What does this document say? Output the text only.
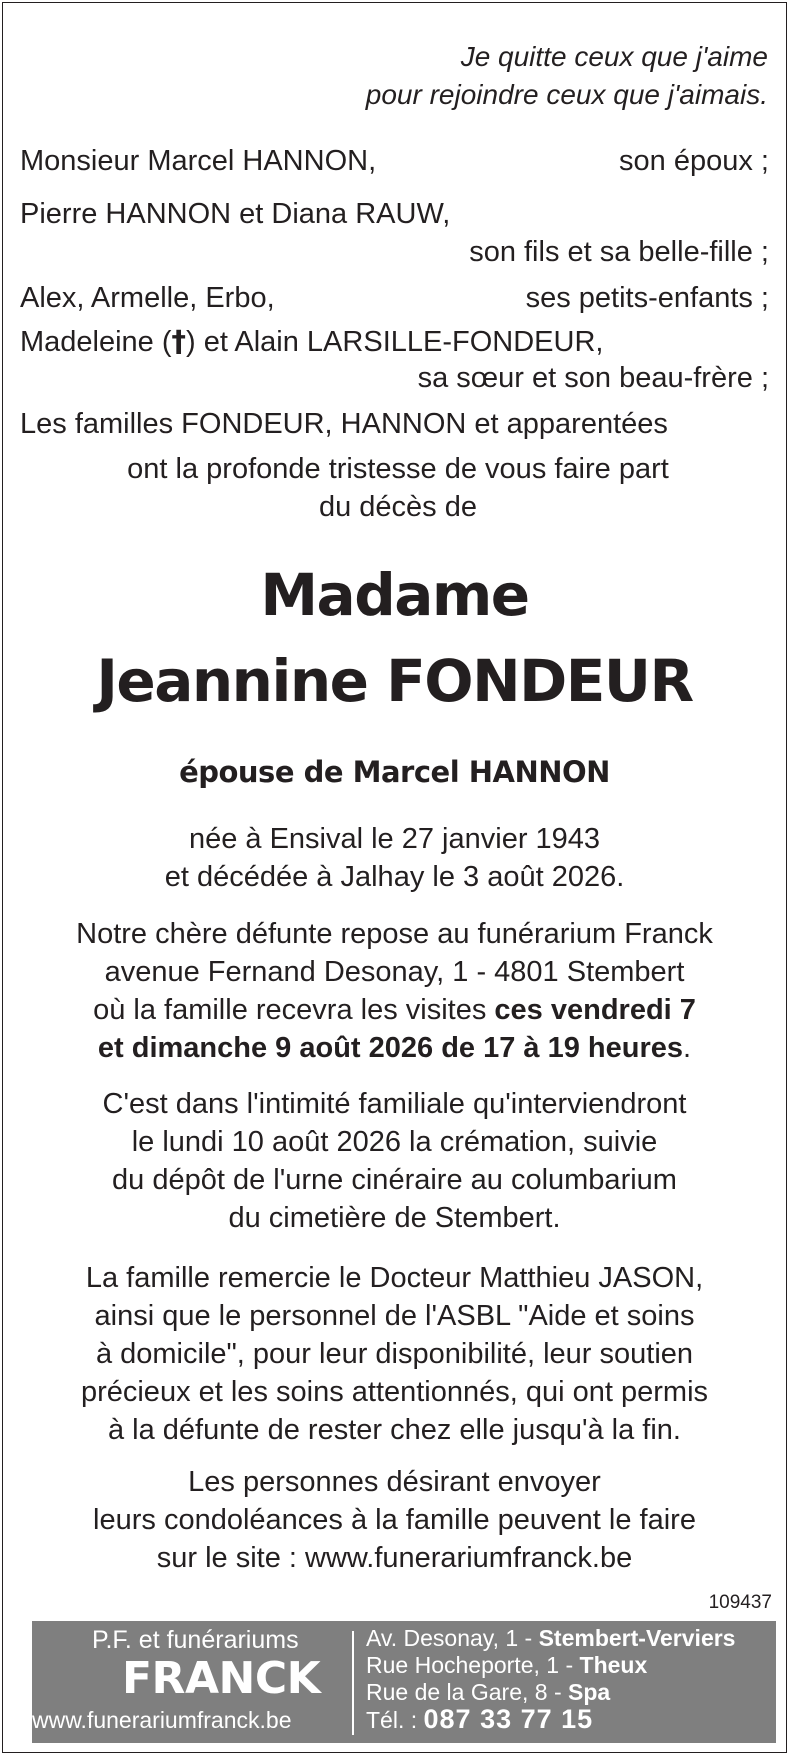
Je quitte ceux que j'aime
pour rejoindre ceux que j'aimais.
Monsieur Marcel HANNON,	son époux ;
Pierre HANNON et Diana RAUW,
son fils et sa belle-fille ;
Alex, Armelle, Erbo,	ses petits-enfants ;
Madeleine (†) et Alain LARSILLE-FONDEUR,
sa sœur et son beau-frère ;
Les familles FONDEUR, HANNON et apparentées
ont la profonde tristesse de vous faire part
du décès de
Madame
Jeannine FONDEUR
épouse de Marcel HANNON
née à Ensival le 27 janvier 1943
et décédée à Jalhay le 3 août 2026.
Notre chère défunte repose au funérarium Franck
avenue Fernand Desonay, 1 - 4801 Stembert
où la famille recevra les visites ces vendredi 7
et dimanche 9 août 2026 de 17 à 19 heures.
C'est dans l'intimité familiale qu'interviendront
le lundi 10 août 2026 la crémation, suivie
du dépôt de l'urne cinéraire au columbarium
du cimetière de Stembert.
La famille remercie le Docteur Matthieu JASON,
ainsi que le personnel de l'ASBL "Aide et soins
à domicile", pour leur disponibilité, leur soutien
précieux et les soins attentionnés, qui ont permis
à la défunte de rester chez elle jusqu'à la fin.
Les personnes désirant envoyer
leurs condoléances à la famille peuvent le faire
sur le site : www.funerariumfranck.be
109437
P.F. et funérariums
FRANCK
www.funerariumfranck.be
Av. Desonay, 1 - Stembert-Verviers
Rue Hocheporte, 1 - Theux
Rue de la Gare, 8 - Spa
Tél. : 087 33 77 15
